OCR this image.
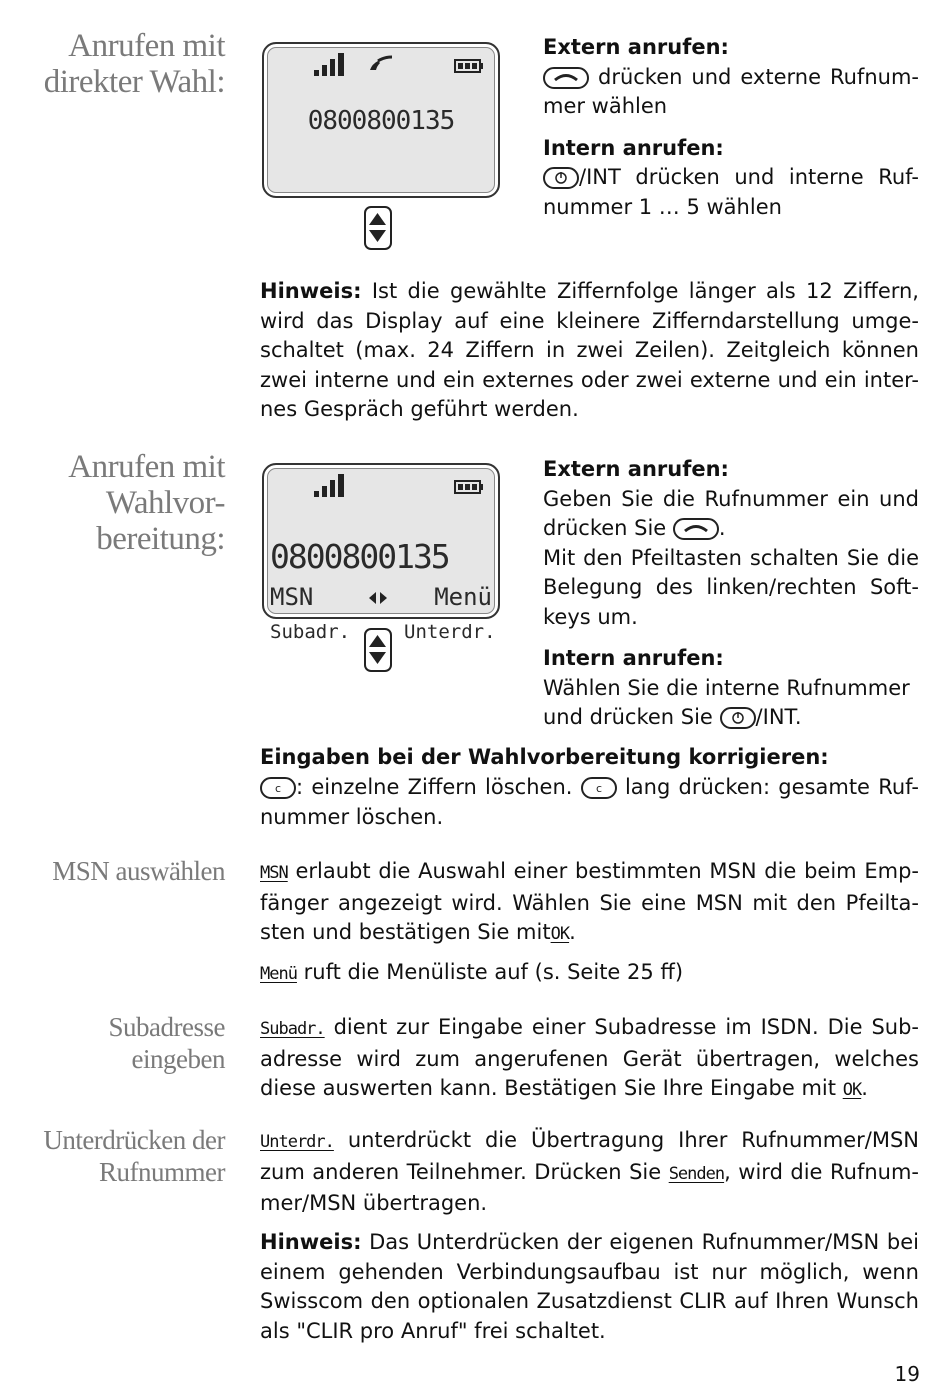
Anrufen mit
direkter Wahl:
0800800135
Extern anrufen:
drücken und externe Rufnum-mer wählen
Intern anrufen:
/INT drücken und interne Ruf-nummer 1 … 5 wählen
Hinweis: Ist die gewählte Ziffernfolge länger als 12 Ziffern, wird das Display auf eine kleinere Zifferndarstellung umge-schaltet (max. 24 Ziffern in zwei Zeilen). Zeitgleich können zwei interne und ein externes oder zwei externe und ein inter-nes Gespräch geführt werden.
Anrufen mit
Wahlvor-
bereitung: 0800800135
MSN	Menü
Subadr.	Unterdr.
Extern anrufen:
Geben Sie die Rufnummer ein und drücken Sie	.
Mit den Pfeiltasten schalten Sie die Belegung des linken/rechten Soft-keys um.
Intern anrufen:
Wählen Sie die interne Rufnummer und drücken Sie /INT.
Eingaben bei der Wahlvorbereitung korrigieren:
c : einzelne Ziffern löschen. c lang drücken: gesamte Ruf-nummer löschen.
MSN auswählen MSN erlaubt die Auswahl einer bestimmten MSN die beim Emp-fänger angezeigt wird. Wählen Sie eine MSN mit den Pfeilta-sten und bestätigen Sie mitOK.
Menü ruft die Menüliste auf (s. Seite 25 ff)
Subadresse
eingeben
Subadr. dient zur Eingabe einer Subadresse im ISDN. Die Sub-adresse wird zum angerufenen Gerät übertragen, welches diese auswerten kann. Bestätigen Sie Ihre Eingabe mit OK.
Unterdrücken der
Rufnummer
Unterdr. unterdrückt die Übertragung Ihrer Rufnummer/MSN zum anderen Teilnehmer. Drücken Sie Senden, wird die Rufnum-mer/MSN übertragen.
Hinweis: Das Unterdrücken der eigenen Rufnummer/MSN bei einem gehenden Verbindungsaufbau ist nur möglich, wenn Swisscom den optionalen Zusatzdienst CLIR auf Ihren Wunsch als "CLIR pro Anruf" frei schaltet.
19
